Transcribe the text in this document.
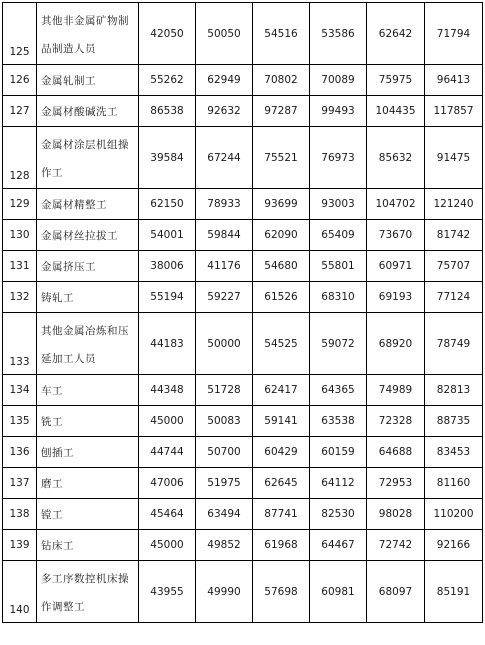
125	其他非金属矿物制品制造人员	42050	50050	54516	53586	62642	71794
126	金属轧制工	55262	62949	70802	70089	75975	96413
127	金属材酸碱洗工	86538	92632	97287	99493	104435	117857
128	金属材涂层机组操作工	39584	67244	75521	76973	85632	91475
129	金属材精整工	62150	78933	93699	93003	104702	121240
130	金属材丝拉拔工	54001	59844	62090	65409	73670	81742
131	金属挤压工	38006	41176	54680	55801	60971	75707
132	铸轧工	55194	59227	61526	68310	69193	77124
133	其他金属冶炼和压延加工人员	44183	50000	54525	59072	68920	78749
134	车工	44348	51728	62417	64365	74989	82813
135	铣工	45000	50083	59141	63538	72328	88735
136	刨插工	44744	50700	60429	60159	64688	83453
137	磨工	47006	51975	62645	64112	72953	81160
138	镗工	45464	63494	87741	82530	98028	110200
139	钻床工	45000	49852	61968	64467	72742	92166
140	多工序数控机床操作调整工	43955	49990	57698	60981	68097	85191
